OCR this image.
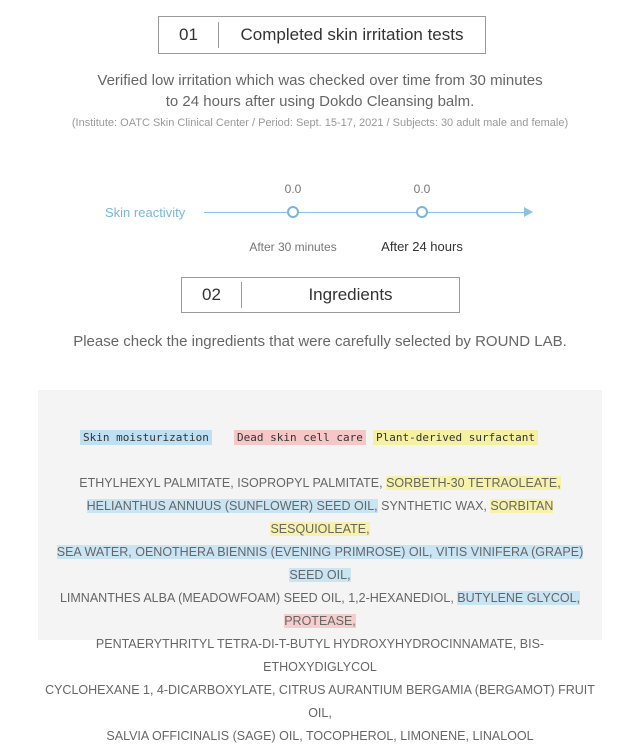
01	Completed skin irritation tests
Verified low irritation which was checked over time from 30 minutes
to 24 hours after using Dokdo Cleansing balm.
(Institute: OATC Skin Clinical Center / Period: Sept. 15-17, 2021 / Subjects: 30 adult male and female)
Skin reactivity
0.0	0.0
After 30 minutes	After 24 hours
02	Ingredients
Please check the ingredients that were carefully selected by ROUND LAB.
Skin moisturization	Dead skin cell care Plant-derived surfactant
ETHYLHEXYL PALMITATE, ISOPROPYL PALMITATE, SORBETH-30 TETRAOLEATE,
HELIANTHUS ANNUUS (SUNFLOWER) SEED OIL, SYNTHETIC WAX, SORBITAN SESQUIOLEATE,
SEA WATER, OENOTHERA BIENNIS (EVENING PRIMROSE) OIL, VITIS VINIFERA (GRAPE) SEED OIL,
LIMNANTHES ALBA (MEADOWFOAM) SEED OIL, 1,2-HEXANEDIOL, BUTYLENE GLYCOL, PROTEASE,
PENTAERYTHRITYL TETRA-DI-T-BUTYL HYDROXYHYDROCINNAMATE, BIS-ETHOXYDIGLYCOL
CYCLOHEXANE 1, 4-DICARBOXYLATE, CITRUS AURANTIUM BERGAMIA (BERGAMOT) FRUIT OIL,
SALVIA OFFICINALIS (SAGE) OIL, TOCOPHEROL, LIMONENE, LINALOOL
